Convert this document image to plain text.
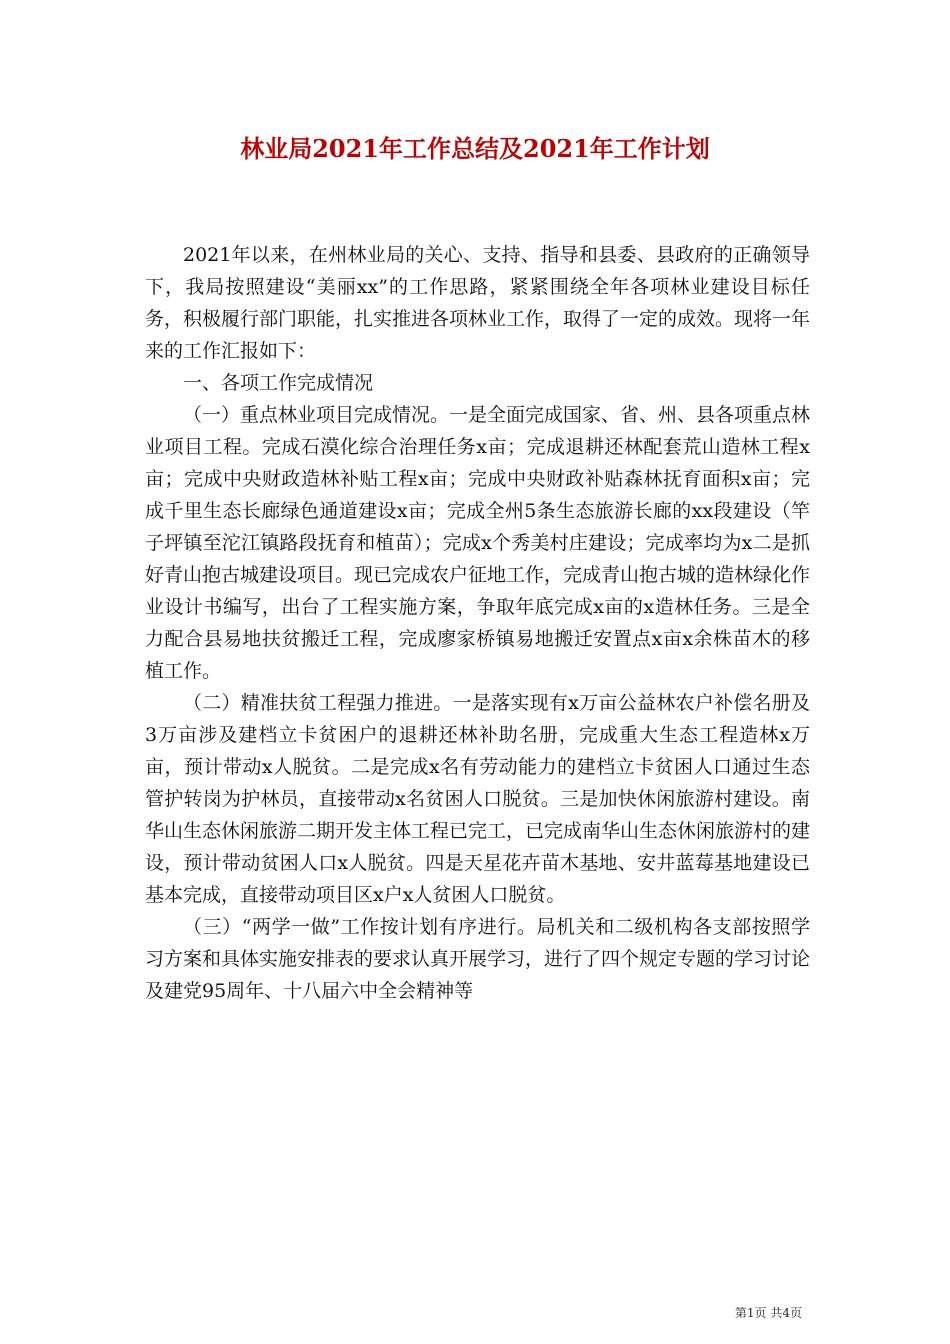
林业局2021年工作总结及2021年工作计划

2021年以来，在州林业局的关心、支持、指导和县委、县政府的正确领导下，我局按照建设“美丽xx”的工作思路，紧紧围绕全年各项林业建设目标任务，积极履行部门职能，扎实推进各项林业工作，取得了一定的成效。现将一年来的工作汇报如下：

一、各项工作完成情况

（一）重点林业项目完成情况。一是全面完成国家、省、州、县各项重点林业项目工程。完成石漠化综合治理任务x亩；完成退耕还林配套荒山造林工程x亩；完成中央财政造林补贴工程x亩；完成中央财政补贴森林抚育面积x亩；完成千里生态长廊绿色通道建设x亩；完成全州5条生态旅游长廊的xx段建设（竿子坪镇至沱江镇路段抚育和植苗）；完成x个秀美村庄建设；完成率均为x二是抓好青山抱古城建设项目。现已完成农户征地工作，完成青山抱古城的造林绿化作业设计书编写，出台了工程实施方案，争取年底完成x亩的x造林任务。三是全力配合县易地扶贫搬迁工程，完成廖家桥镇易地搬迁安置点x亩x余株苗木的移植工作。

（二）精准扶贫工程强力推进。一是落实现有x万亩公益林农户补偿名册及3万亩涉及建档立卡贫困户的退耕还林补助名册，完成重大生态工程造林x万亩，预计带动x人脱贫。二是完成x名有劳动能力的建档立卡贫困人口通过生态管护转岗为护林员，直接带动x名贫困人口脱贫。三是加快休闲旅游村建设。南华山生态休闲旅游二期开发主体工程已完工，已完成南华山生态休闲旅游村的建设，预计带动贫困人口x人脱贫。四是天星花卉苗木基地、安井蓝莓基地建设已基本完成，直接带动项目区x户x人贫困人口脱贫。

（三）“两学一做”工作按计划有序进行。局机关和二级机构各支部按照学习方案和具体实施安排表的要求认真开展学习，进行了四个规定专题的学习讨论及建党95周年、十八届六中全会精神等

第1页 共4页
